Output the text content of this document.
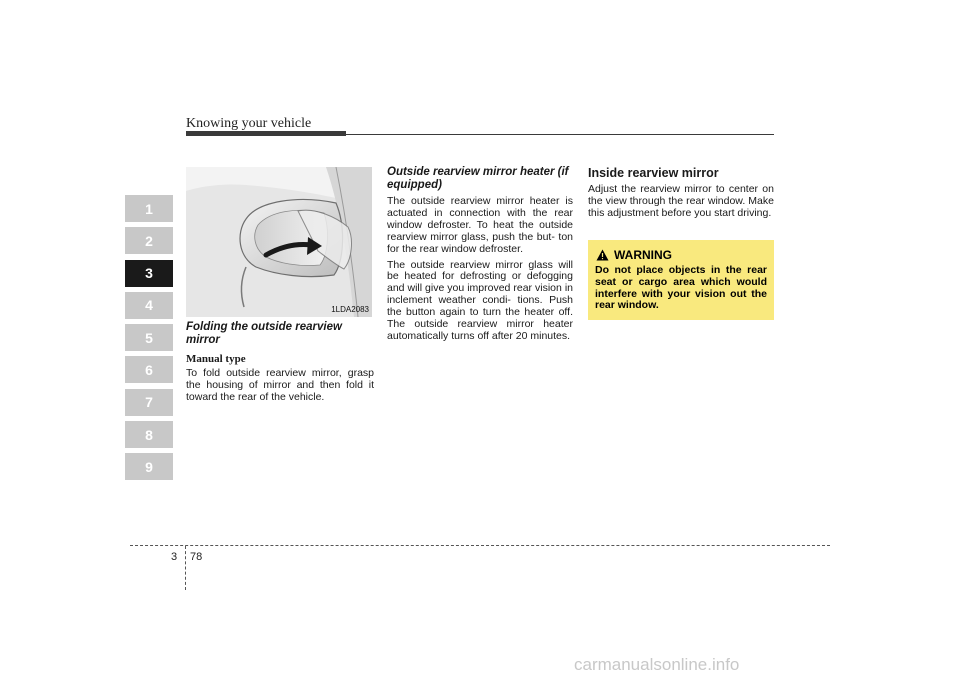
Knowing your vehicle
1
2
3
4
5
6
7
8
9
1LDA2083
Folding the outside rearview mirror
Manual type

To fold outside rearview mirror, grasp the housing of mirror and then fold it toward the rear of the vehicle.

Outside rearview mirror heater (if equipped)

The outside rearview mirror heater is actuated in connection with the rear window defroster. To heat the outside rearview mirror glass, push the but- ton for the rear window defroster.

The outside rearview mirror glass will be heated for defrosting or defogging and will give you improved rear vision in inclement weather condi- tions. Push the button again to turn the heater off. The outside rearview mirror heater automatically turns off after 20 minutes.

Inside rearview mirror

Adjust the rearview mirror to center on the view through the rear window. Make this adjustment before you start driving.

WARNING
Do not place objects in the rear seat or cargo area which would interfere with your vision out the rear window.
3 78
carmanualsonline.info
